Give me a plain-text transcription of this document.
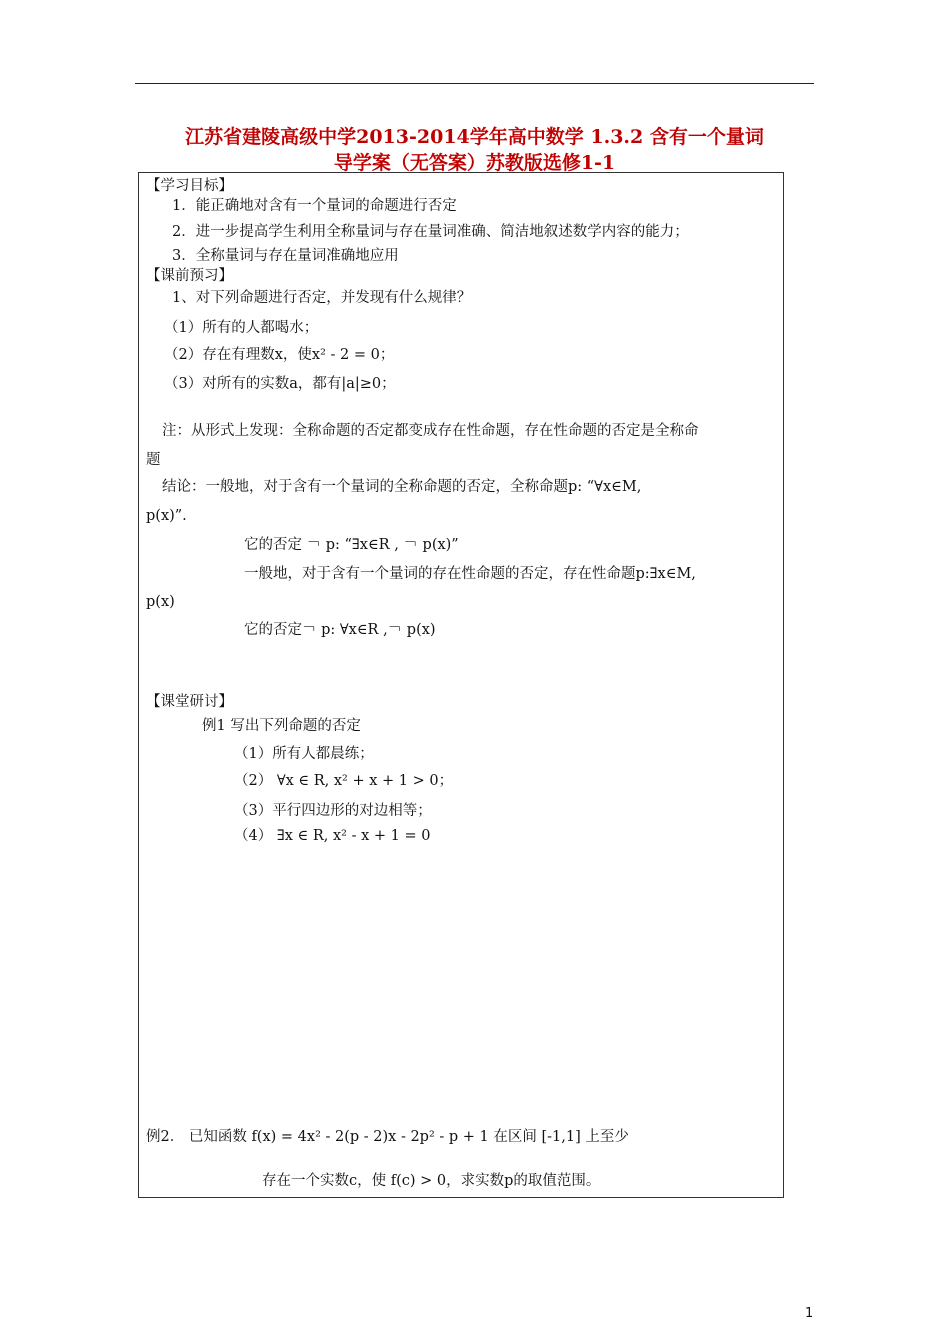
江苏省建陵高级中学2013-2014学年高中数学 1.3.2 含有一个量词
导学案（无答案）苏教版选修1-1
【学习目标】
1．能正确地对含有一个量词的命题进行否定
2．进一步提高学生利用全称量词与存在量词准确、简洁地叙述数学内容的能力；
3．全称量词与存在量词准确地应用
【课前预习】
1、对下列命题进行否定，并发现有什么规律？
（1）所有的人都喝水；
（2）存在有理数x，使x² - 2 = 0；
（3）对所有的实数a，都有|a|≥0；
注：从形式上发现：全称命题的否定都变成存在性命题，存在性命题的否定是全称命
题
结论：一般地，对于含有一个量词的全称命题的否定，全称命题p: “∀x∈M,
p(x)”.
它的否定 ￢ p: “∃x∈R , ￢ p(x)”
一般地，对于含有一个量词的存在性命题的否定，存在性命题p:∃x∈M,
p(x)
它的否定￢ p: ∀x∈R ,￢ p(x)
【课堂研讨】
例1 写出下列命题的否定
（1）所有人都晨练；
（2） ∀x ∈ R, x² + x + 1 > 0；
（3）平行四边形的对边相等；
（4） ∃x ∈ R, x² - x + 1 = 0
例2． 已知函数 f(x) = 4x² - 2(p - 2)x - 2p² - p + 1 在区间 [-1,1] 上至少
存在一个实数c，使 f(c) > 0，求实数p的取值范围。
1
